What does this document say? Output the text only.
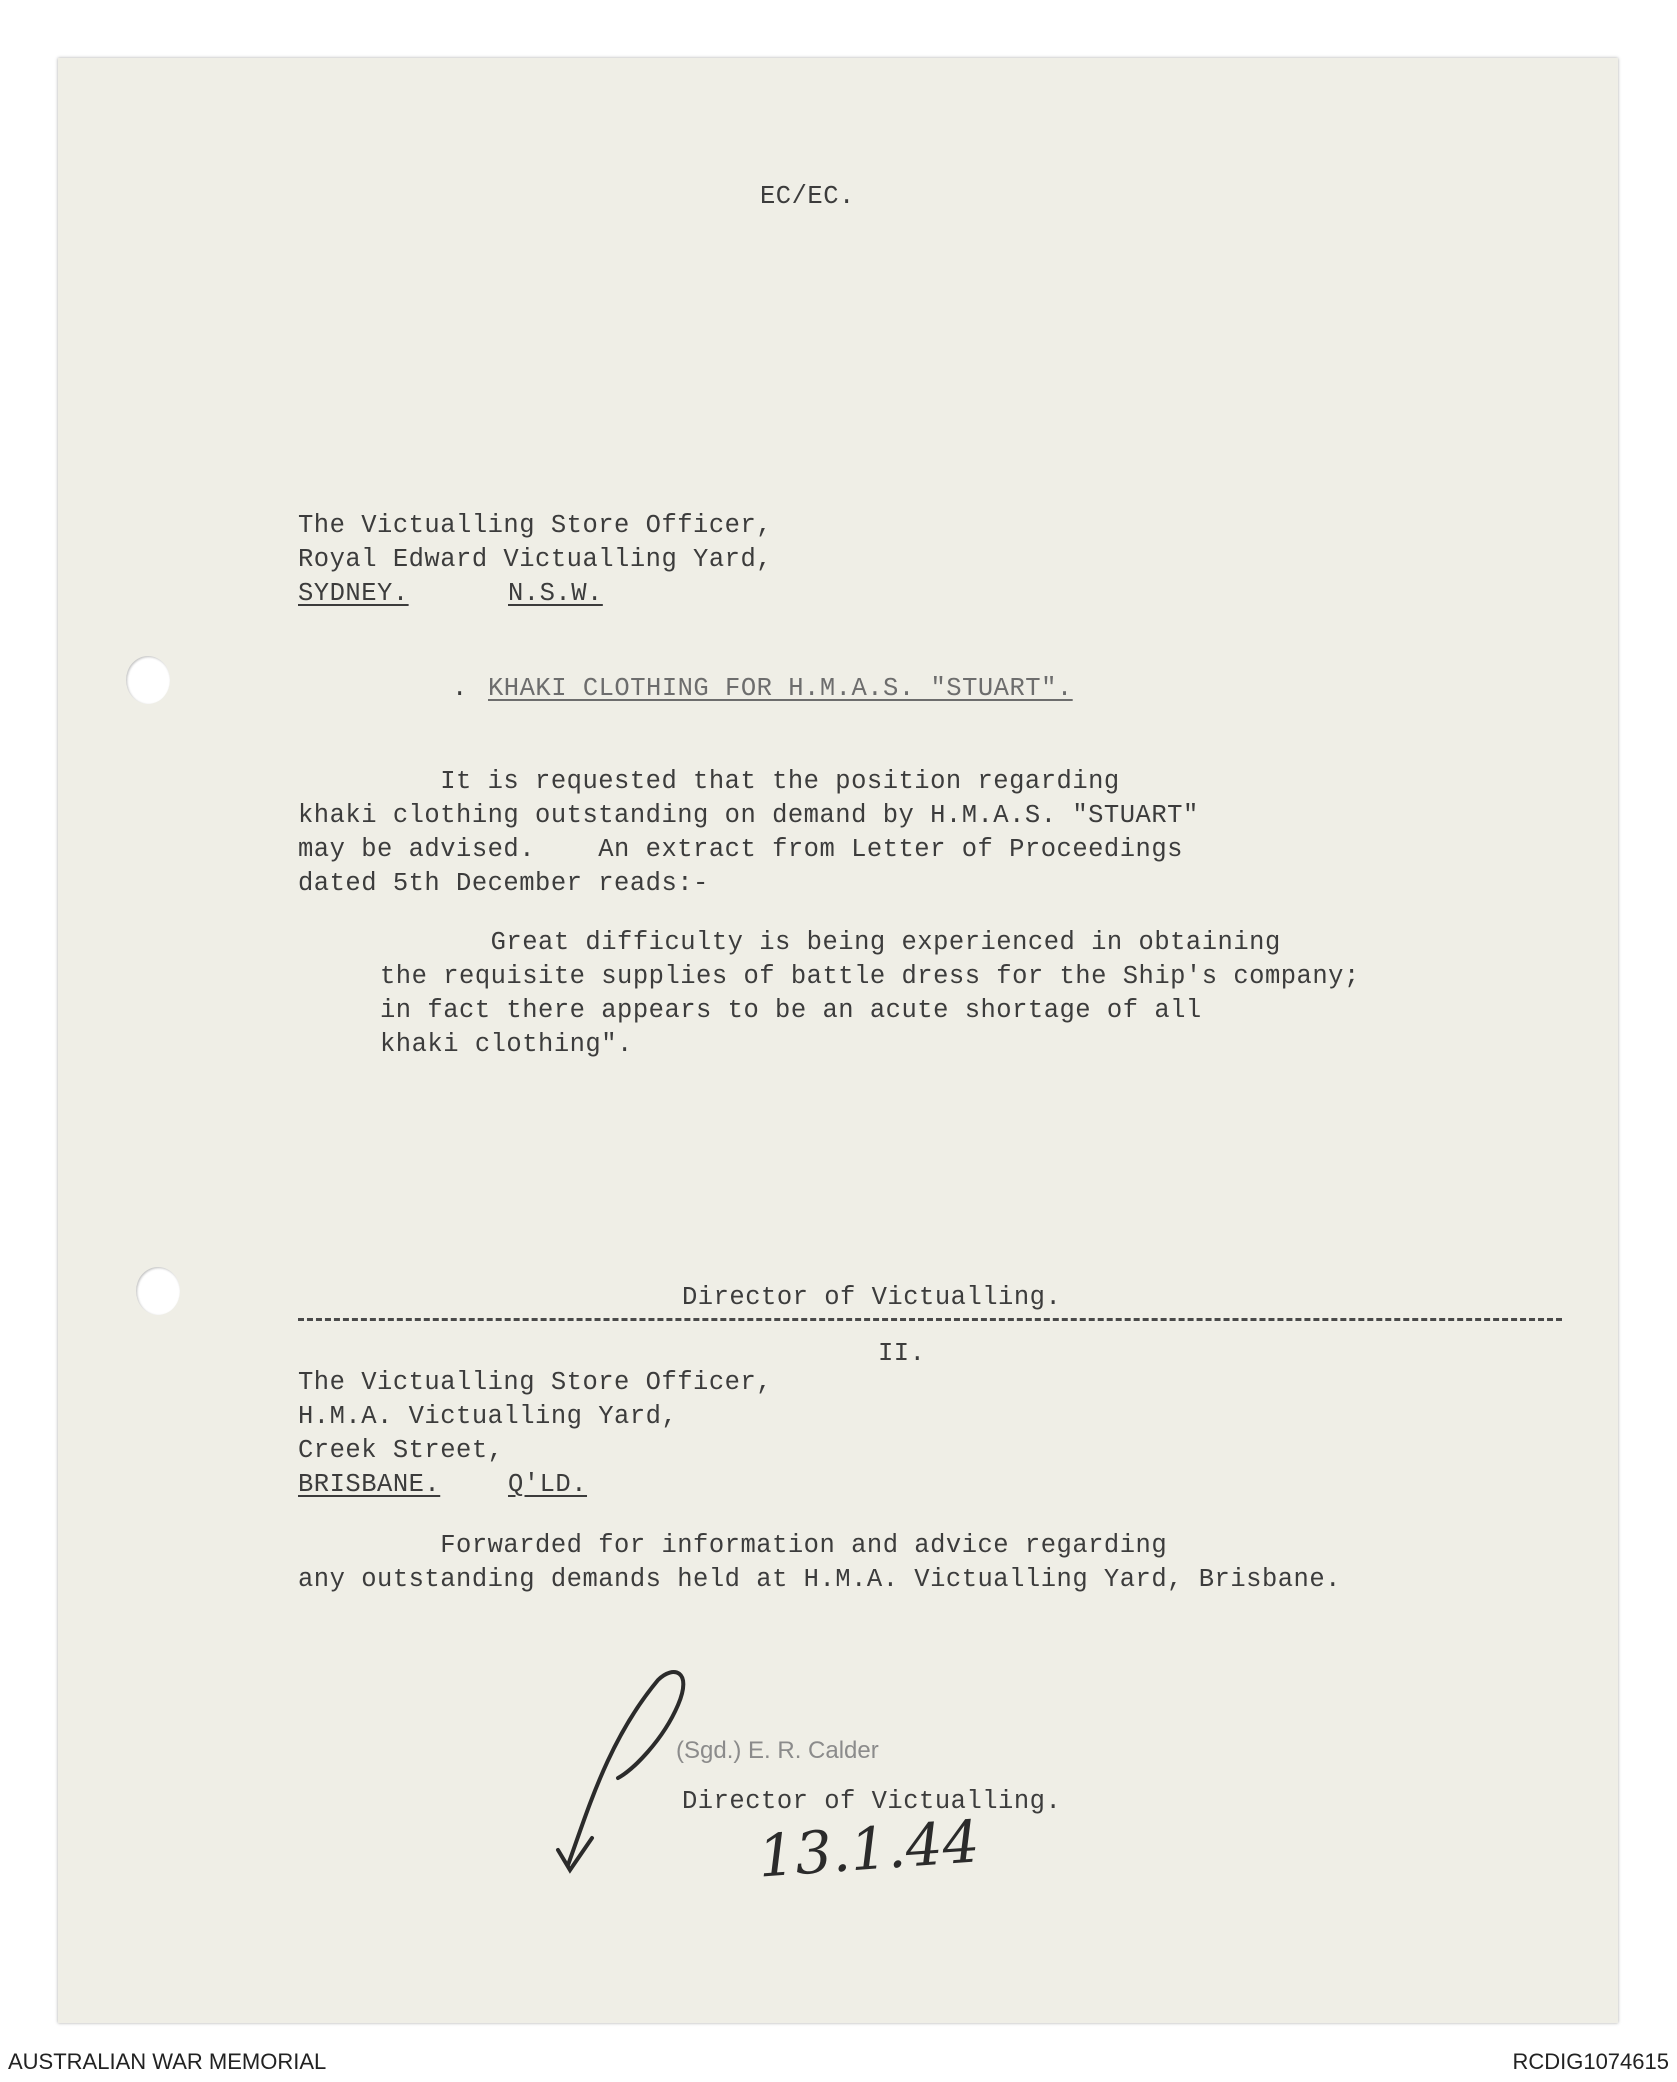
EC/EC.
The Victualling Store Officer,
Royal Edward Victualling Yard,
SYDNEY.	N.S.W.
. KHAKI CLOTHING FOR H.M.A.S. "STUART".
It is requested that the position regarding
khaki clothing outstanding on demand by H.M.A.S. "STUART"
may be advised.    An extract from Letter of Proceedings
dated 5th December reads:-
Great difficulty is being experienced in obtaining
the requisite supplies of battle dress for the Ship's company;
in fact there appears to be an acute shortage of all
khaki clothing".
Director of Victualling.
II.
The Victualling Store Officer,
H.M.A. Victualling Yard,
Creek Street,
BRISBANE.	Q'LD.
Forwarded for information and advice regarding
any outstanding demands held at H.M.A. Victualling Yard, Brisbane.
(Sgd.) E. R. Calder
Director of Victualling.
13.1.44
AUSTRALIAN WAR MEMORIAL	RCDIG1074615
